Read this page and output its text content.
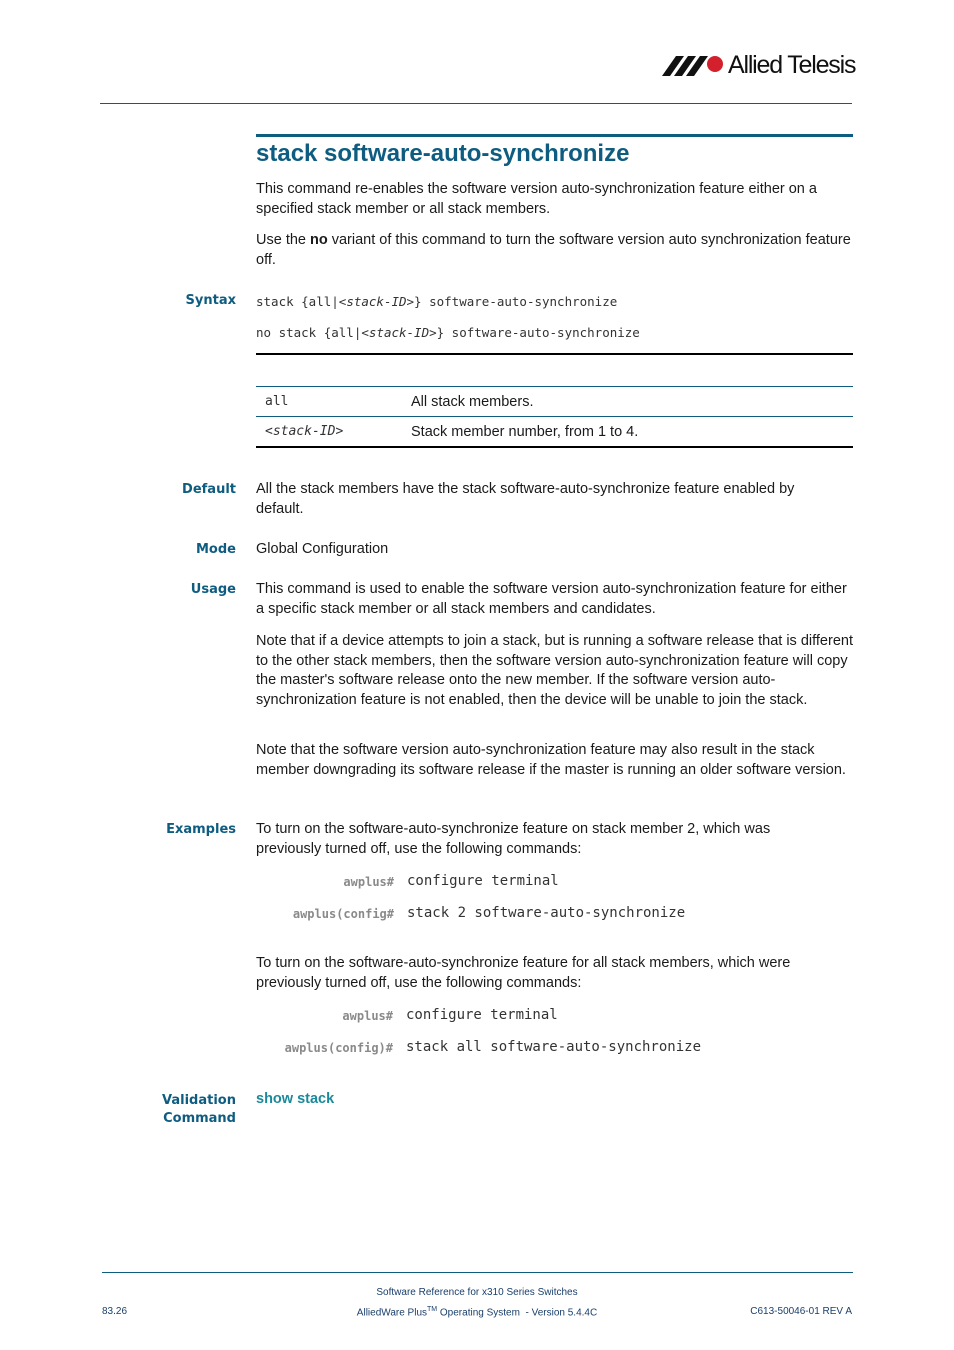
Allied Telesis
stack software-auto-synchronize
This command re-enables the software version auto-synchronization feature either on a specified stack member or all stack members.
Use the no variant of this command to turn the software version auto synchronization feature off.
Syntax stack {all|<stack-ID>} software-auto-synchronize
no stack {all|<stack-ID>} software-auto-synchronize
all	All stack members.
<stack-ID>	Stack member number, from 1 to 4.
Default All the stack members have the stack software-auto-synchronize feature enabled by default.
Mode Global Configuration
Usage This command is used to enable the software version auto-synchronization feature for either a specific stack member or all stack members and candidates.
Note that if a device attempts to join a stack, but is running a software release that is different to the other stack members, then the software version auto-synchronization feature will copy the master's software release onto the new member. If the software version auto-synchronization feature is not enabled, then the device will be unable to join the stack.
Note that the software version auto-synchronization feature may also result in the stack member downgrading its software release if the master is running an older software version.
Examples To turn on the software-auto-synchronize feature on stack member 2, which was previously turned off, use the following commands:
awplus# configure terminal
awplus(config# stack 2 software-auto-synchronize
To turn on the software-auto-synchronize feature for all stack members, which were previously turned off, use the following commands:
awplus# configure terminal
awplus(config)# stack all software-auto-synchronize
Validation
Command
show stack
Software Reference for x310 Series Switches
83.26	AlliedWare Plus™ Operating System  - Version 5.4.4C	C613-50046-01 REV A
